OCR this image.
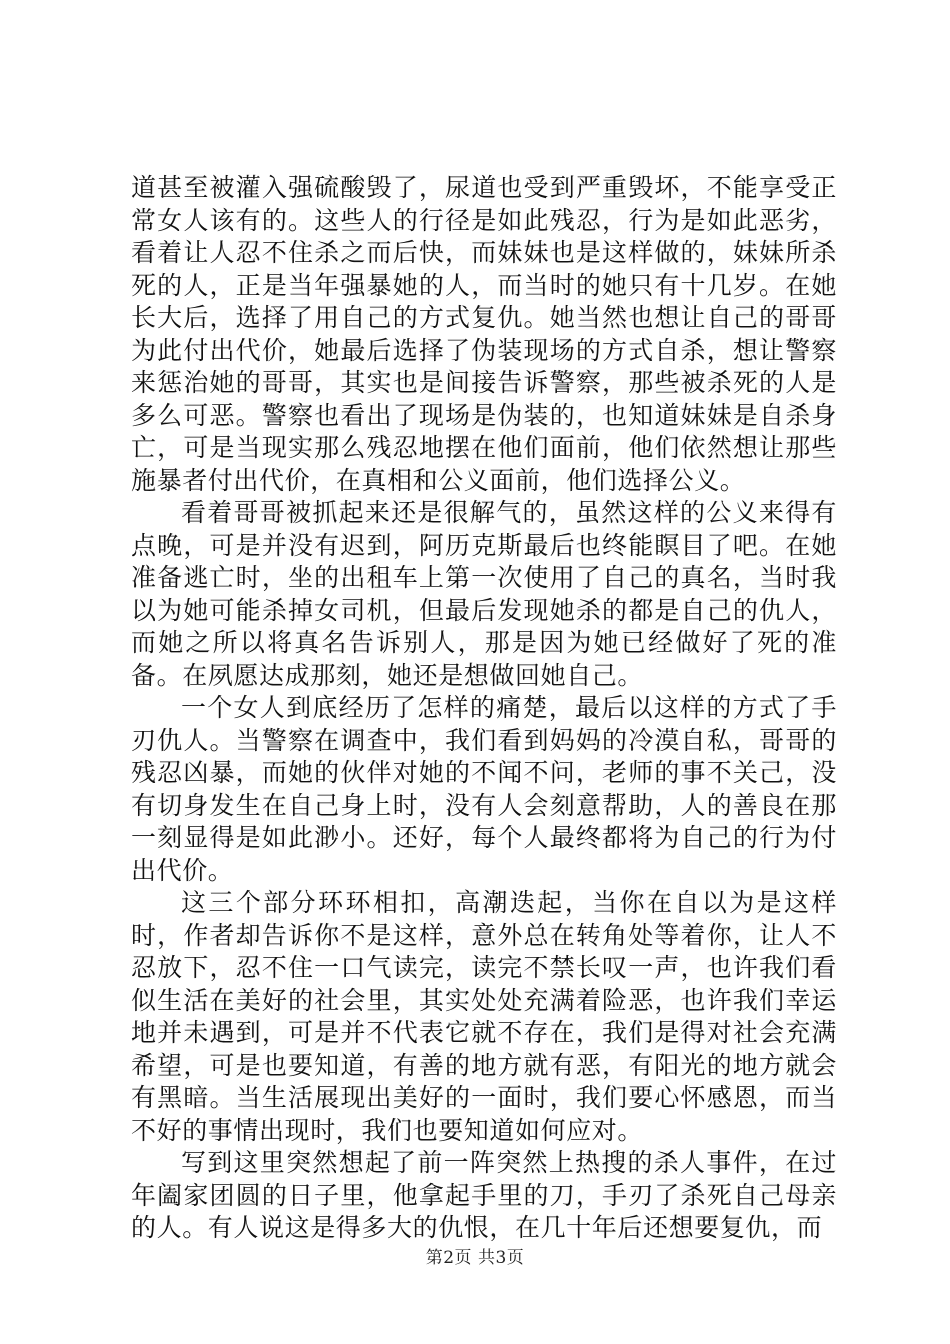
道甚至被灌入强硫酸毁了，尿道也受到严重毁坏，不能享受正常女人该有的。这些人的行径是如此残忍，行为是如此恶劣，看着让人忍不住杀之而后快，而妹妹也是这样做的，妹妹所杀死的人，正是当年强暴她的人，而当时的她只有十几岁。在她长大后，选择了用自己的方式复仇。她当然也想让自己的哥哥为此付出代价，她最后选择了伪装现场的方式自杀，想让警察来惩治她的哥哥，其实也是间接告诉警察，那些被杀死的人是多么可恶。警察也看出了现场是伪装的，也知道妹妹是自杀身亡，可是当现实那么残忍地摆在他们面前，他们依然想让那些施暴者付出代价，在真相和公义面前，他们选择公义。

看着哥哥被抓起来还是很解气的，虽然这样的公义来得有点晚，可是并没有迟到，阿历克斯最后也终能瞑目了吧。在她准备逃亡时，坐的出租车上第一次使用了自己的真名，当时我以为她可能杀掉女司机，但最后发现她杀的都是自己的仇人，而她之所以将真名告诉别人，那是因为她已经做好了死的准备。在夙愿达成那刻，她还是想做回她自己。

一个女人到底经历了怎样的痛楚，最后以这样的方式了手刃仇人。当警察在调查中，我们看到妈妈的冷漠自私，哥哥的残忍凶暴，而她的伙伴对她的不闻不问，老师的事不关己，没有切身发生在自己身上时，没有人会刻意帮助，人的善良在那一刻显得是如此渺小。还好，每个人最终都将为自己的行为付出代价。

这三个部分环环相扣，高潮迭起，当你在自以为是这样时，作者却告诉你不是这样，意外总在转角处等着你，让人不忍放下，忍不住一口气读完，读完不禁长叹一声，也许我们看似生活在美好的社会里，其实处处充满着险恶，也许我们幸运地并未遇到，可是并不代表它就不存在，我们是得对社会充满希望，可是也要知道，有善的地方就有恶，有阳光的地方就会有黑暗。当生活展现出美好的一面时，我们要心怀感恩，而当不好的事情出现时，我们也要知道如何应对。

写到这里突然想起了前一阵突然上热搜的杀人事件，在过年阖家团圆的日子里，他拿起手里的刀，手刃了杀死自己母亲的人。有人说这是得多大的仇恨，在几十年后还想要复仇，而

第2页 共3页
